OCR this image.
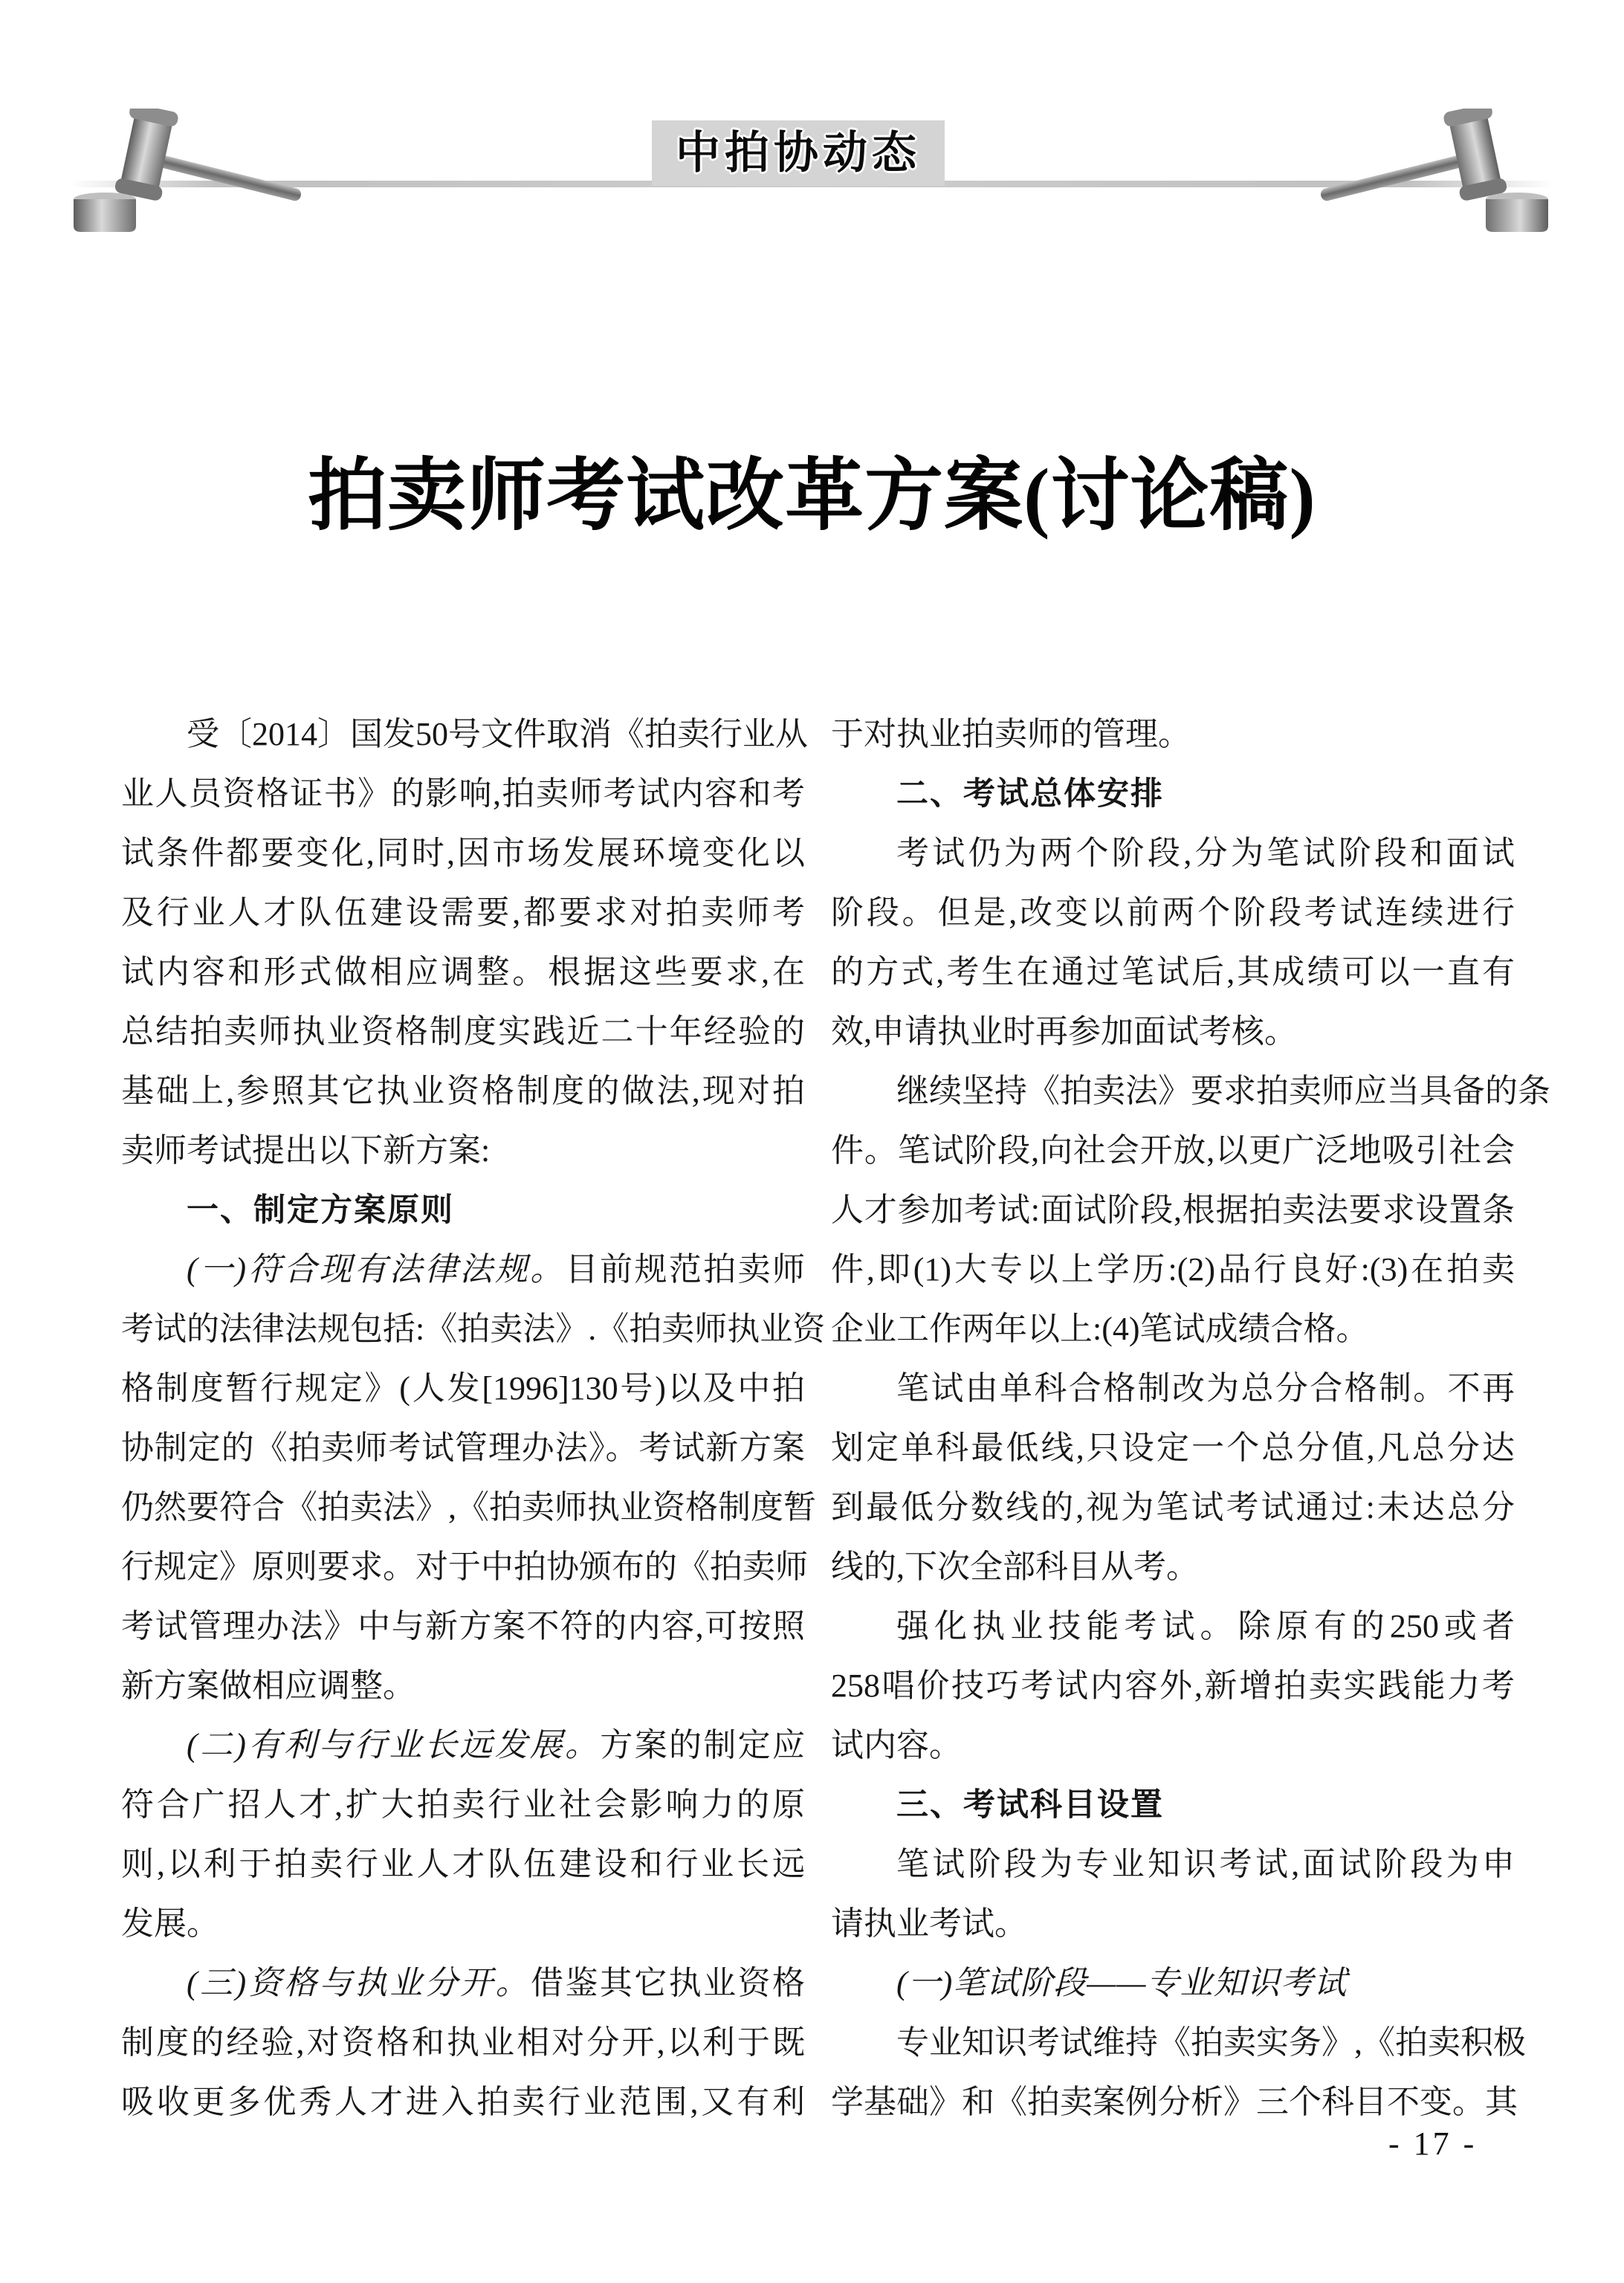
中拍协动态
拍卖师考试改革方案(讨论稿)
受〔2014〕国发50号文件取消《拍卖行业从
业人员资格证书》的影响,拍卖师考试内容和考
试条件都要变化,同时,因市场发展环境变化以
及行业人才队伍建设需要,都要求对拍卖师考
试内容和形式做相应调整。根据这些要求,在
总结拍卖师执业资格制度实践近二十年经验的
基础上,参照其它执业资格制度的做法,现对拍
卖师考试提出以下新方案:
一、制定方案原则
(一)符合现有法律法规。目前规范拍卖师
考试的法律法规包括:《拍卖法》.《拍卖师执业资
格制度暂行规定》(人发[1996]130号)以及中拍
协制定的《拍卖师考试管理办法》。考试新方案
仍然要符合《拍卖法》,《拍卖师执业资格制度暂
行规定》原则要求。对于中拍协颁布的《拍卖师
考试管理办法》中与新方案不符的内容,可按照
新方案做相应调整。
(二)有利与行业长远发展。方案的制定应
符合广招人才,扩大拍卖行业社会影响力的原
则,以利于拍卖行业人才队伍建设和行业长远
发展。
(三)资格与执业分开。借鉴其它执业资格
制度的经验,对资格和执业相对分开,以利于既
吸收更多优秀人才进入拍卖行业范围,又有利
于对执业拍卖师的管理。
二、考试总体安排
考试仍为两个阶段,分为笔试阶段和面试
阶段。但是,改变以前两个阶段考试连续进行
的方式,考生在通过笔试后,其成绩可以一直有
效,申请执业时再参加面试考核。
继续坚持《拍卖法》要求拍卖师应当具备的条
件。笔试阶段,向社会开放,以更广泛地吸引社会
人才参加考试:面试阶段,根据拍卖法要求设置条
件,即(1)大专以上学历:(2)品行良好:(3)在拍卖
企业工作两年以上:(4)笔试成绩合格。
笔试由单科合格制改为总分合格制。不再
划定单科最低线,只设定一个总分值,凡总分达
到最低分数线的,视为笔试考试通过:未达总分
线的,下次全部科目从考。
强化执业技能考试。除原有的250或者
258唱价技巧考试内容外,新增拍卖实践能力考
试内容。
三、考试科目设置
笔试阶段为专业知识考试,面试阶段为申
请执业考试。
(一)笔试阶段——专业知识考试
专业知识考试维持《拍卖实务》,《拍卖积极
学基础》和《拍卖案例分析》三个科目不变。其
- 17 -
